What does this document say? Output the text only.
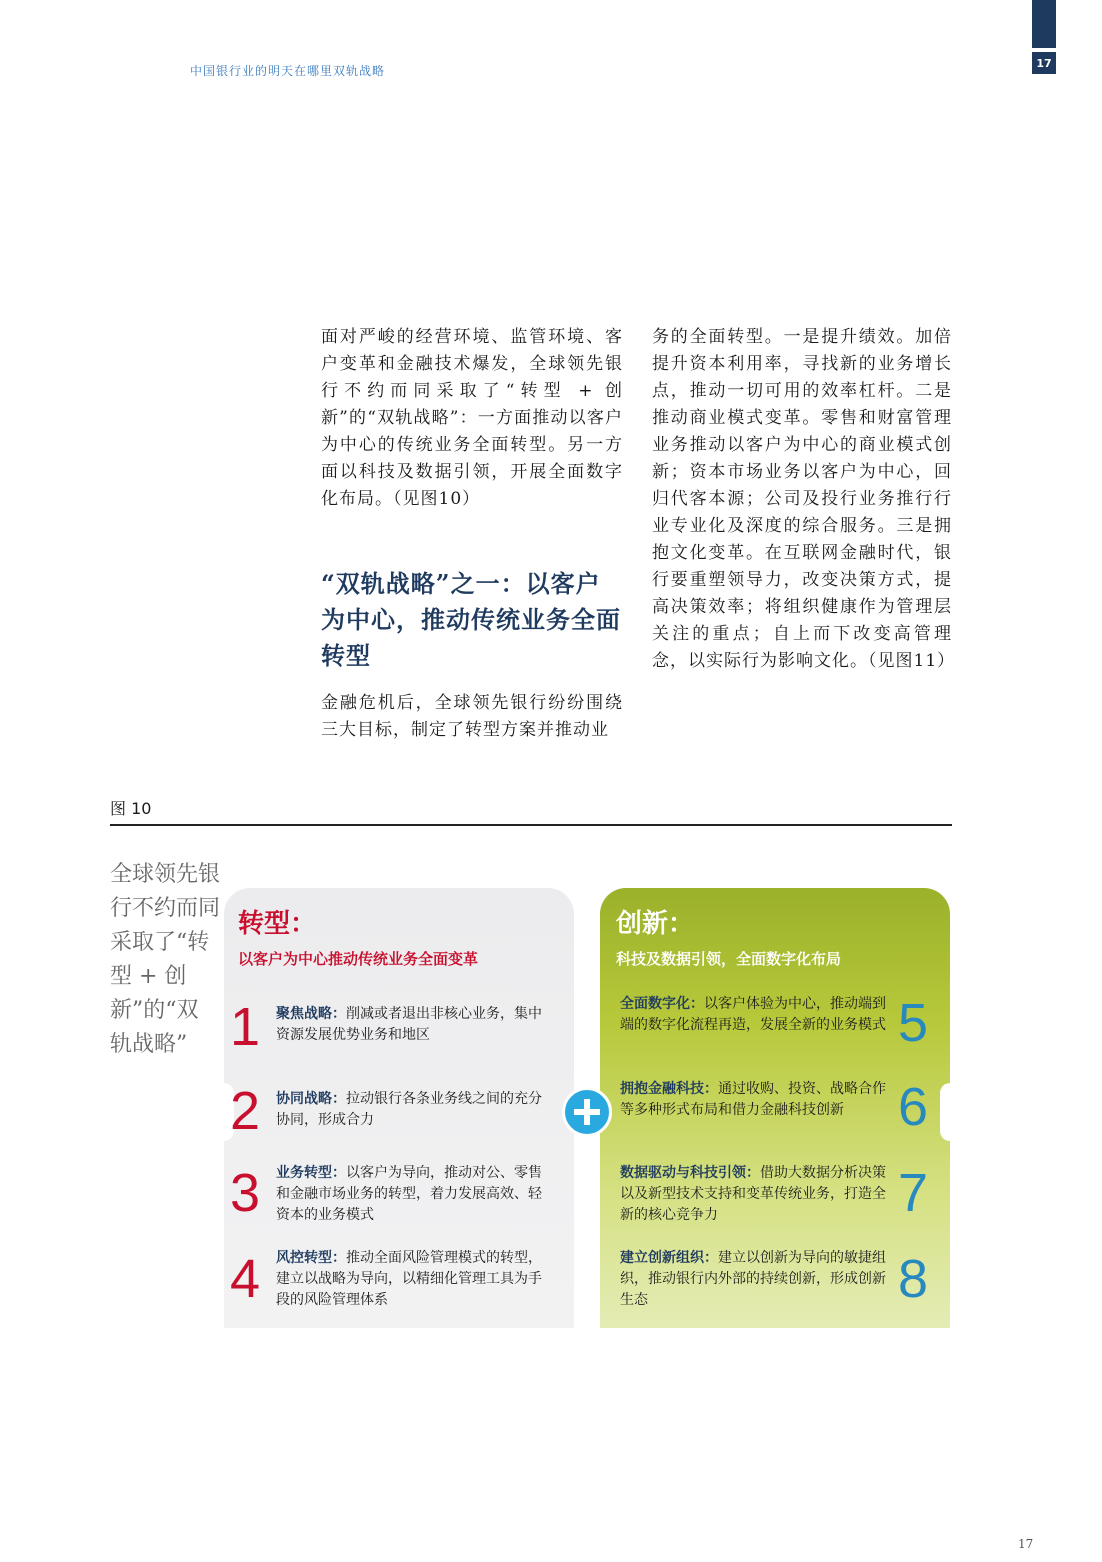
17
中国银行业的明天在哪里双轨战略
面对严峻的经营环境、监管环境、客户变革和金融技术爆发，全球领先银行不约而同采取了“转型 + 创新”的“双轨战略”：一方面推动以客户为中心的传统业务全面转型。另一方面以科技及数据引领，开展全面数字化布局。（见图10）
“双轨战略”之一：以客户为中心，推动传统业务全面转型
金融危机后，全球领先银行纷纷围绕三大目标，制定了转型方案并推动业
务的全面转型。一是提升绩效。加倍提升资本利用率，寻找新的业务增长点，推动一切可用的效率杠杆。二是推动商业模式变革。零售和财富管理业务推动以客户为中心的商业模式创新；资本市场业务以客户为中心，回归代客本源；公司及投行业务推行行业专业化及深度的综合服务。三是拥抱文化变革。在互联网金融时代，银行要重塑领导力，改变决策方式，提高决策效率；将组织健康作为管理层关注的重点；自上而下改变高管理念，以实际行为影响文化。（见图11）
图 10
全球领先银行不约而同采取了“转型 + 创新”的“双轨战略”
转型：
以客户为中心推动传统业务全面变革
创新：
科技及数据引领，全面数字化布局
1 聚焦战略：削减或者退出非核心业务，集中资源发展优势业务和地区
2 协同战略：拉动银行各条业务线之间的充分协同，形成合力
3 业务转型：以客户为导向，推动对公、零售和金融市场业务的转型，着力发展高效、轻资本的业务模式
4 风控转型：推动全面风险管理模式的转型，建立以战略为导向，以精细化管理工具为手段的风险管理体系
全面数字化：以客户体验为中心，推动端到端的数字化流程再造，发展全新的业务模式 5
拥抱金融科技：通过收购、投资、战略合作等多种形式布局和借力金融科技创新	6
数据驱动与科技引领：借助大数据分析决策以及新型技术支持和变革传统业务，打造全新的核心竞争力	7
建立创新组织：建立以创新为导向的敏捷组织，推动银行内外部的持续创新，形成创新生态	8
17
